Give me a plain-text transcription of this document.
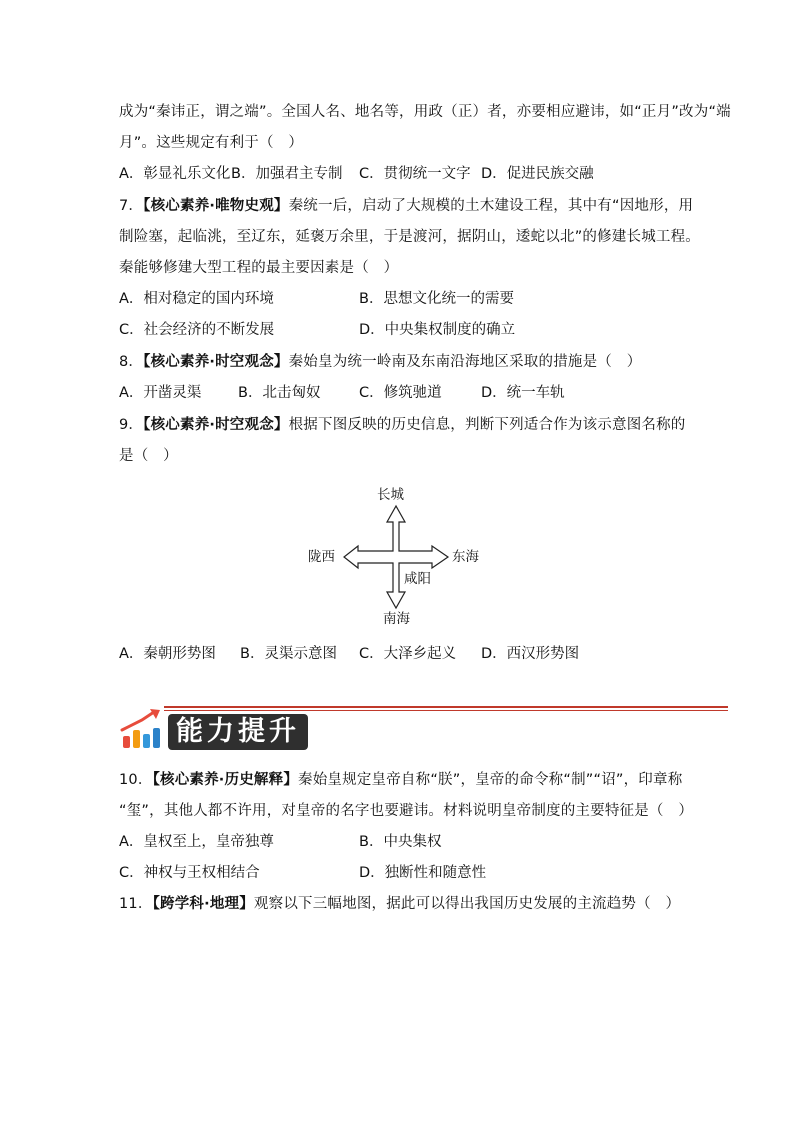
成为“秦讳正，谓之端”。全国人名、地名等，用政（正）者，亦要相应避讳，如“正月”改为“端
月”。这些规定有利于（　）
A．彰显礼乐文化 B．加强君主专制 C．贯彻统一文字 D．促进民族交融
7．【核心素养·唯物史观】秦统一后，启动了大规模的土木建设工程，其中有“因地形，用
制险塞，起临洮，至辽东，延褒万余里，于是渡河，据阴山，逶蛇以北”的修建长城工程。
秦能够修建大型工程的最主要因素是（　）
A．相对稳定的国内环境	B．思想文化统一的需要
C．社会经济的不断发展	D．中央集权制度的确立
8．【核心素养·时空观念】秦始皇为统一岭南及东南沿海地区采取的措施是（　）
A．开凿灵渠	B．北击匈奴	C．修筑驰道	D．统一车轨
9．【核心素养·时空观念】根据下图反映的历史信息，判断下列适合作为该示意图名称的
是（　）
长城
南海
陇西	东海
咸阳
A．秦朝形势图 B．灵渠示意图 C．大泽乡起义 D．西汉形势图
能力提升
10．【核心素养·历史解释】秦始皇规定皇帝自称“朕”，皇帝的命令称“制”“诏”，印章称
“玺”，其他人都不许用，对皇帝的名字也要避讳。材料说明皇帝制度的主要特征是（　）
A．皇权至上，皇帝独尊	B．中央集权
C．神权与王权相结合	D．独断性和随意性
11．【跨学科·地理】观察以下三幅地图，据此可以得出我国历史发展的主流趋势（　）
